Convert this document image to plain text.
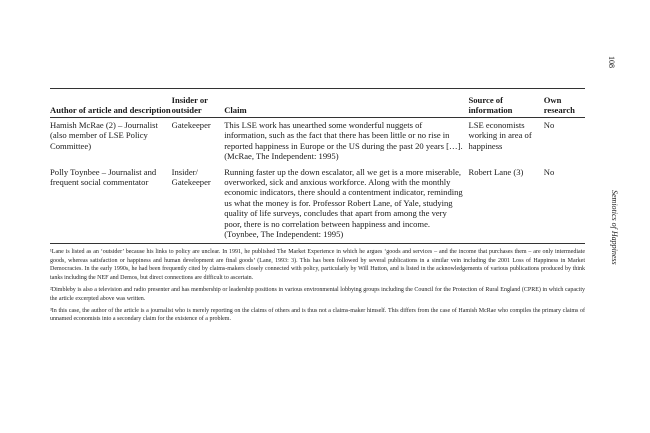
108
Semiotics of Happiness
Author of article and description	Insider or outsider	Claim	Source of information	Own research
Hamish McRae (2) – Journalist (also member of LSE Policy Committee)	Gatekeeper	This LSE work has unearthed some wonderful nuggets of information, such as the fact that there has been little or no rise in reported happiness in Europe or the US during the past 20 years […]. (McRae, The Independent: 1995)	LSE economists working in area of happiness	No
Polly Toynbee – Journalist and frequent social commentator	Insider/ Gatekeeper	Running faster up the down escalator, all we get is a more miserable, overworked, sick and anxious workforce. Along with the monthly economic indicators, there should a contentment indicator, reminding us what the money is for. Professor Robert Lane, of Yale, studying quality of life surveys, concludes that apart from among the very poor, there is no correlation between happiness and income. (Toynbee, The Independent: 1995)	Robert Lane (3)	No

¹Lane is listed as an ‘outsider’ because his links to policy are unclear. In 1991, he published The Market Experience in which he argues ‘goods and services – and the income that purchases them – are only intermediate goods, whereas satisfaction or happiness and human development are final goods’ (Lane, 1993: 3). This has been followed by several publications in a similar vein including the 2001 Loss of Happiness in Market Democracies. In the early 1990s, he had been frequently cited by claims-makers closely connected with policy, particularly by Will Hutton, and is listed in the acknowledgements of various publications produced by think tanks including the NEF and Demos, but direct connections are difficult to ascertain.

²Dimbleby is also a television and radio presenter and has membership or leadership positions in various environmental lobbying groups including the Council for the Protection of Rural England (CPRE) in which capacity the article excerpted above was written.

³In this case, the author of the article is a journalist who is merely reporting on the claims of others and is thus not a claims-maker himself. This differs from the case of Hamish McRae who compiles the primary claims of unnamed economists into a secondary claim for the existence of a problem.
